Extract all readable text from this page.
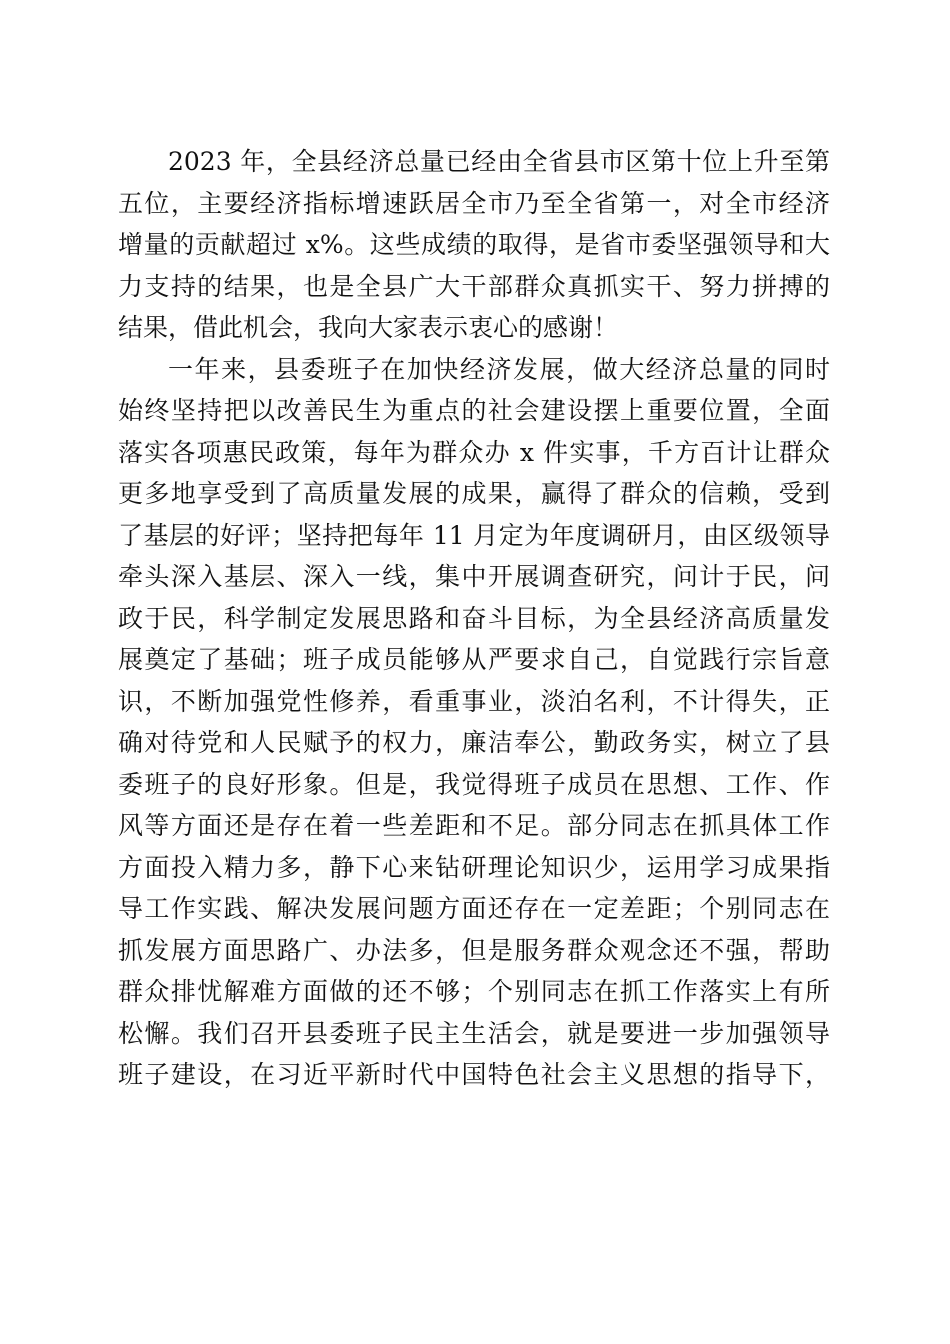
2023 年，全县经济总量已经由全省县市区第十位上升至第
五位，主要经济指标增速跃居全市乃至全省第一，对全市经济
增量的贡献超过 x%。这些成绩的取得，是省市委坚强领导和大
力支持的结果，也是全县广大干部群众真抓实干、努力拼搏的
结果，借此机会，我向大家表示衷心的感谢！
一年来，县委班子在加快经济发展，做大经济总量的同时
始终坚持把以改善民生为重点的社会建设摆上重要位置，全面
落实各项惠民政策，每年为群众办 x 件实事，千方百计让群众
更多地享受到了高质量发展的成果，赢得了群众的信赖，受到
了基层的好评；坚持把每年 11 月定为年度调研月，由区级领导
牵头深入基层、深入一线，集中开展调查研究，问计于民，问
政于民，科学制定发展思路和奋斗目标，为全县经济高质量发
展奠定了基础；班子成员能够从严要求自己，自觉践行宗旨意
识，不断加强党性修养，看重事业，淡泊名利，不计得失，正
确对待党和人民赋予的权力，廉洁奉公，勤政务实，树立了县
委班子的良好形象。但是，我觉得班子成员在思想、工作、作
风等方面还是存在着一些差距和不足。部分同志在抓具体工作
方面投入精力多，静下心来钻研理论知识少，运用学习成果指
导工作实践、解决发展问题方面还存在一定差距；个别同志在
抓发展方面思路广、办法多，但是服务群众观念还不强，帮助
群众排忧解难方面做的还不够；个别同志在抓工作落实上有所
松懈。我们召开县委班子民主生活会，就是要进一步加强领导
班子建设，在习近平新时代中国特色社会主义思想的指导下，
